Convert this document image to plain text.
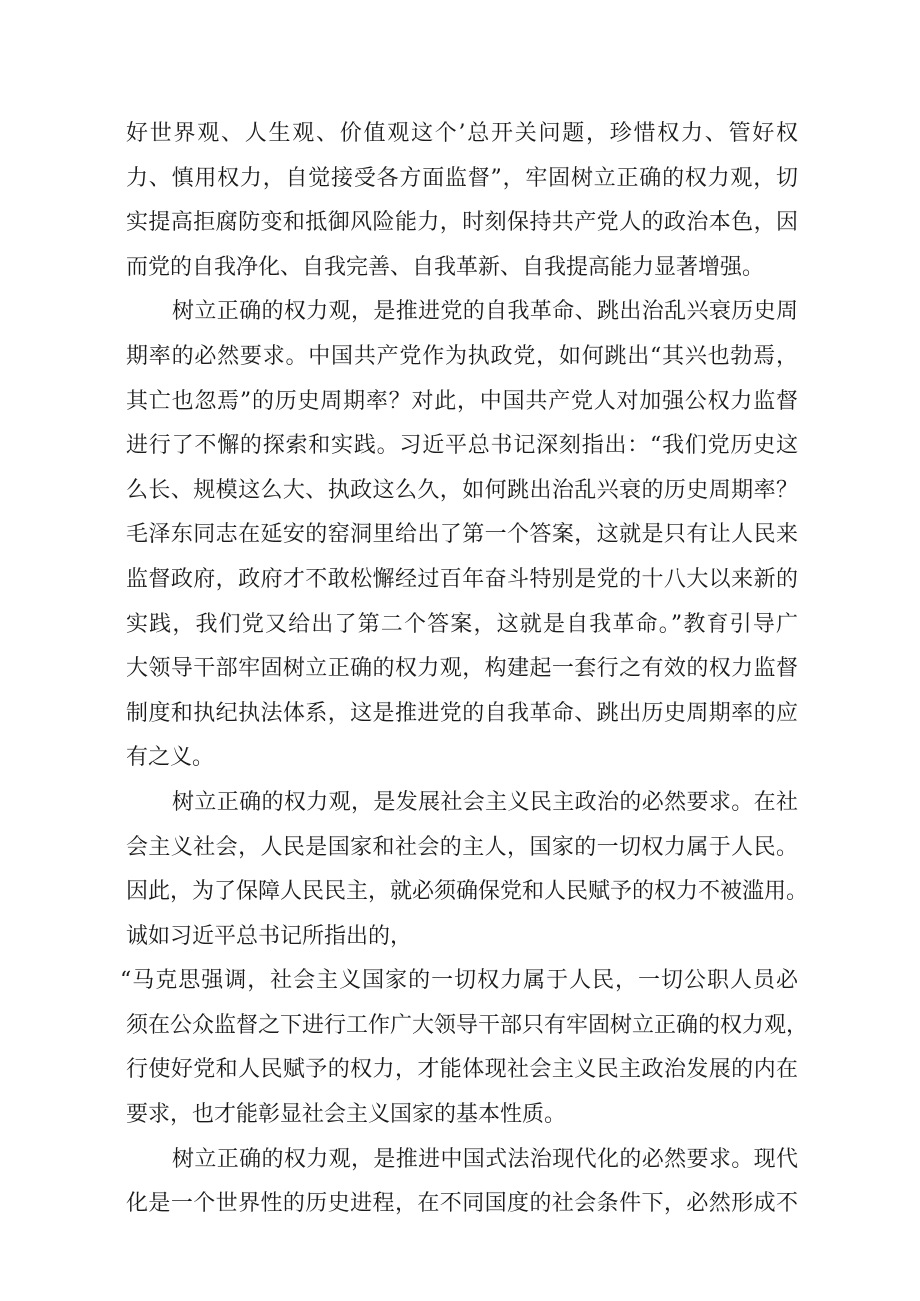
好世界观、人生观、价值观这个’总开关问题，珍惜权力、管好权
力、慎用权力，自觉接受各方面监督”，牢固树立正确的权力观，切
实提高拒腐防变和抵御风险能力，时刻保持共产党人的政治本色，因
而党的自我净化、自我完善、自我革新、自我提高能力显著增强。
树立正确的权力观，是推进党的自我革命、跳出治乱兴衰历史周
期率的必然要求。中国共产党作为执政党，如何跳出“其兴也勃焉，
其亡也忽焉”的历史周期率？对此，中国共产党人对加强公权力监督
进行了不懈的探索和实践。习近平总书记深刻指出：“我们党历史这
么长、规模这么大、执政这么久，如何跳出治乱兴衰的历史周期率？
毛泽东同志在延安的窑洞里给出了第一个答案，这就是只有让人民来
监督政府，政府才不敢松懈经过百年奋斗特别是党的十八大以来新的
实践，我们党又给出了第二个答案，这就是自我革命。”教育引导广
大领导干部牢固树立正确的权力观，构建起一套行之有效的权力监督
制度和执纪执法体系，这是推进党的自我革命、跳出历史周期率的应
有之义。
树立正确的权力观，是发展社会主义民主政治的必然要求。在社
会主义社会，人民是国家和社会的主人，国家的一切权力属于人民。
因此，为了保障人民民主，就必须确保党和人民赋予的权力不被滥用。
诚如习近平总书记所指出的，
“马克思强调，社会主义国家的一切权力属于人民，一切公职人员必
须在公众监督之下进行工作广大领导干部只有牢固树立正确的权力观，
行使好党和人民赋予的权力，才能体现社会主义民主政治发展的内在
要求，也才能彰显社会主义国家的基本性质。
树立正确的权力观，是推进中国式法治现代化的必然要求。现代
化是一个世界性的历史进程，在不同国度的社会条件下，必然形成不
